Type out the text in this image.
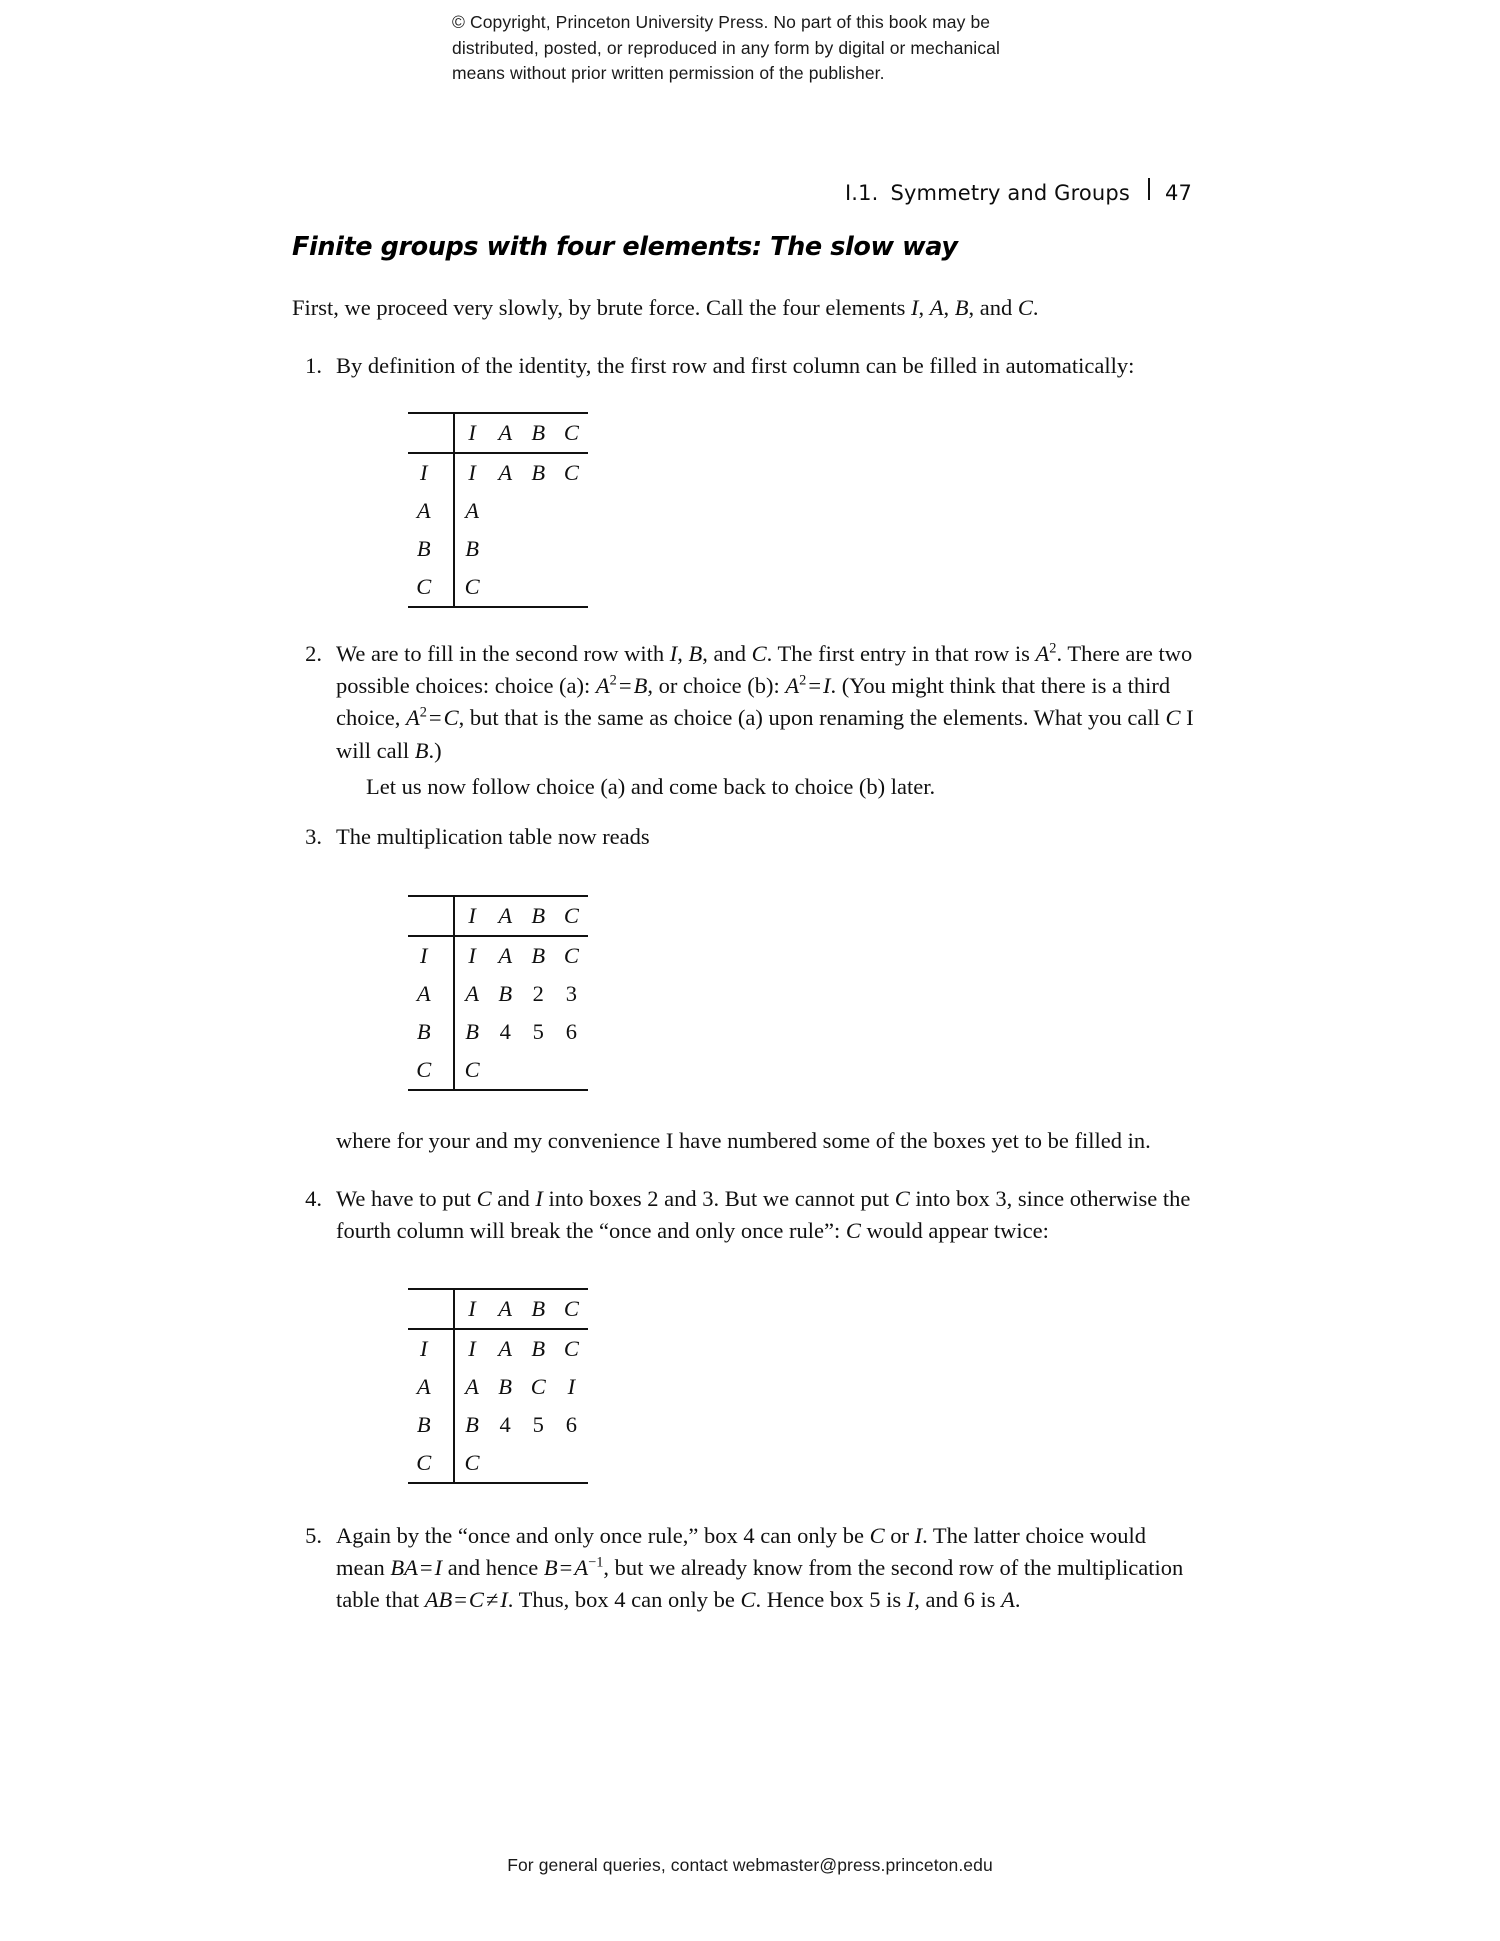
© Copyright, Princeton University Press. No part of this book may be
distributed, posted, or reproduced in any form by digital or mechanical
means without prior written permission of the publisher.
I.1. Symmetry and Groups 47
Finite groups with four elements: The slow way

First, we proceed very slowly, by brute force. Call the four elements I, A, B, and C.

1. By definition of the identity, the first row and first column can be filled in automatically:

	I	A	B	C
I	I	A	B	C
A	A			
B	B			
C	C			

2. We are to fill in the second row with I, B, and C. The first entry in that row is $A^2$. There are two possible choices: choice (a): $A^2=B$, or choice (b): $A^2=I$. (You might think that there is a third choice, $A^2=C$, but that is the same as choice (a) upon renaming the elements. What you call C I will call B.)
Let us now follow choice (a) and come back to choice (b) later.
3. The multiplication table now reads

	I	A	B	C
I	I	A	B	C
A	A	B	2	3
B	B	4	5	6
C	C			

where for your and my convenience I have numbered some of the boxes yet to be filled in.
4. We have to put C and I into boxes 2 and 3. But we cannot put C into box 3, since otherwise the fourth column will break the “once and only once rule”: C would appear twice:

	I	A	B	C
I	I	A	B	C
A	A	B	C	I
B	B	4	5	6
C	C			

5. Again by the “once and only once rule,” box 4 can only be C or I. The latter choice would mean BA=I and hence $B=A^{-1}$, but we already know from the second row of the multiplication table that AB=C≠I. Thus, box 4 can only be C. Hence box 5 is I, and 6 is A.
For general queries, contact webmaster@press.princeton.edu
